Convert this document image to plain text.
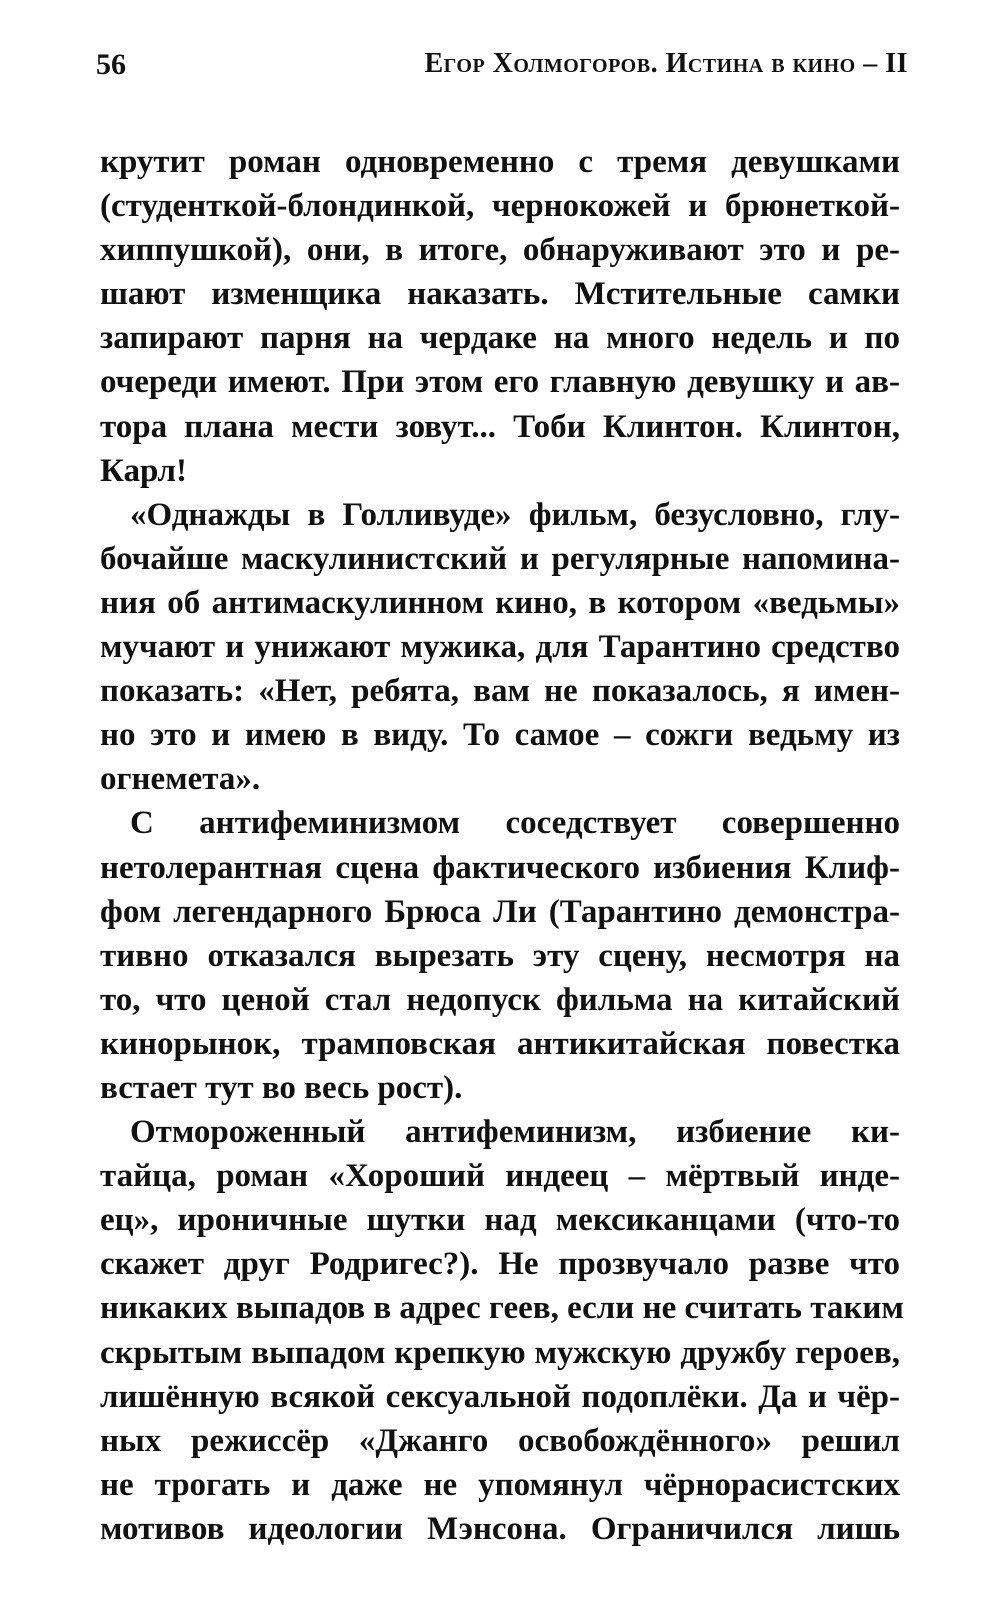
56	Егор Холмогоров. Истина в кино – II
крутит роман одновременно с тремя девушками
(студенткой-блондинкой, чернокожей и брюнеткой-
хиппушкой), они, в итоге, обнаруживают это и ре-
шают изменщика наказать. Мстительные самки
запирают парня на чердаке на много недель и по
очереди имеют. При этом его главную девушку и ав-
тора плана мести зовут... Тоби Клинтон. Клинтон,
Карл!
«Однажды в Голливуде» фильм, безусловно, глу-
бочайше маскулинистский и регулярные напомина-
ния об антимаскулинном кино, в котором «ведьмы»
мучают и унижают мужика, для Тарантино средство
показать: «Нет, ребята, вам не показалось, я имен-
но это и имею в виду. То самое – сожги ведьму из
огнемета».
С антифеминизмом соседствует совершенно
нетолерантная сцена фактического избиения Клиф-
фом легендарного Брюса Ли (Тарантино демонстра-
тивно отказался вырезать эту сцену, несмотря на
то, что ценой стал недопуск фильма на китайский
кинорынок, трамповская антикитайская повестка
встает тут во весь рост).
Отмороженный антифеминизм, избиение ки-
тайца, роман «Хороший индеец – мёртвый инде-
ец», ироничные шутки над мексиканцами (что-то
скажет друг Родригес?). Не прозвучало разве что
никаких выпадов в адрес геев, если не считать таким
скрытым выпадом крепкую мужскую дружбу героев,
лишённую всякой сексуальной подоплёки. Да и чёр-
ных режиссёр «Джанго освобождённого» решил
не трогать и даже не упомянул чёрнорасистских
мотивов идеологии Мэнсона. Ограничился лишь
